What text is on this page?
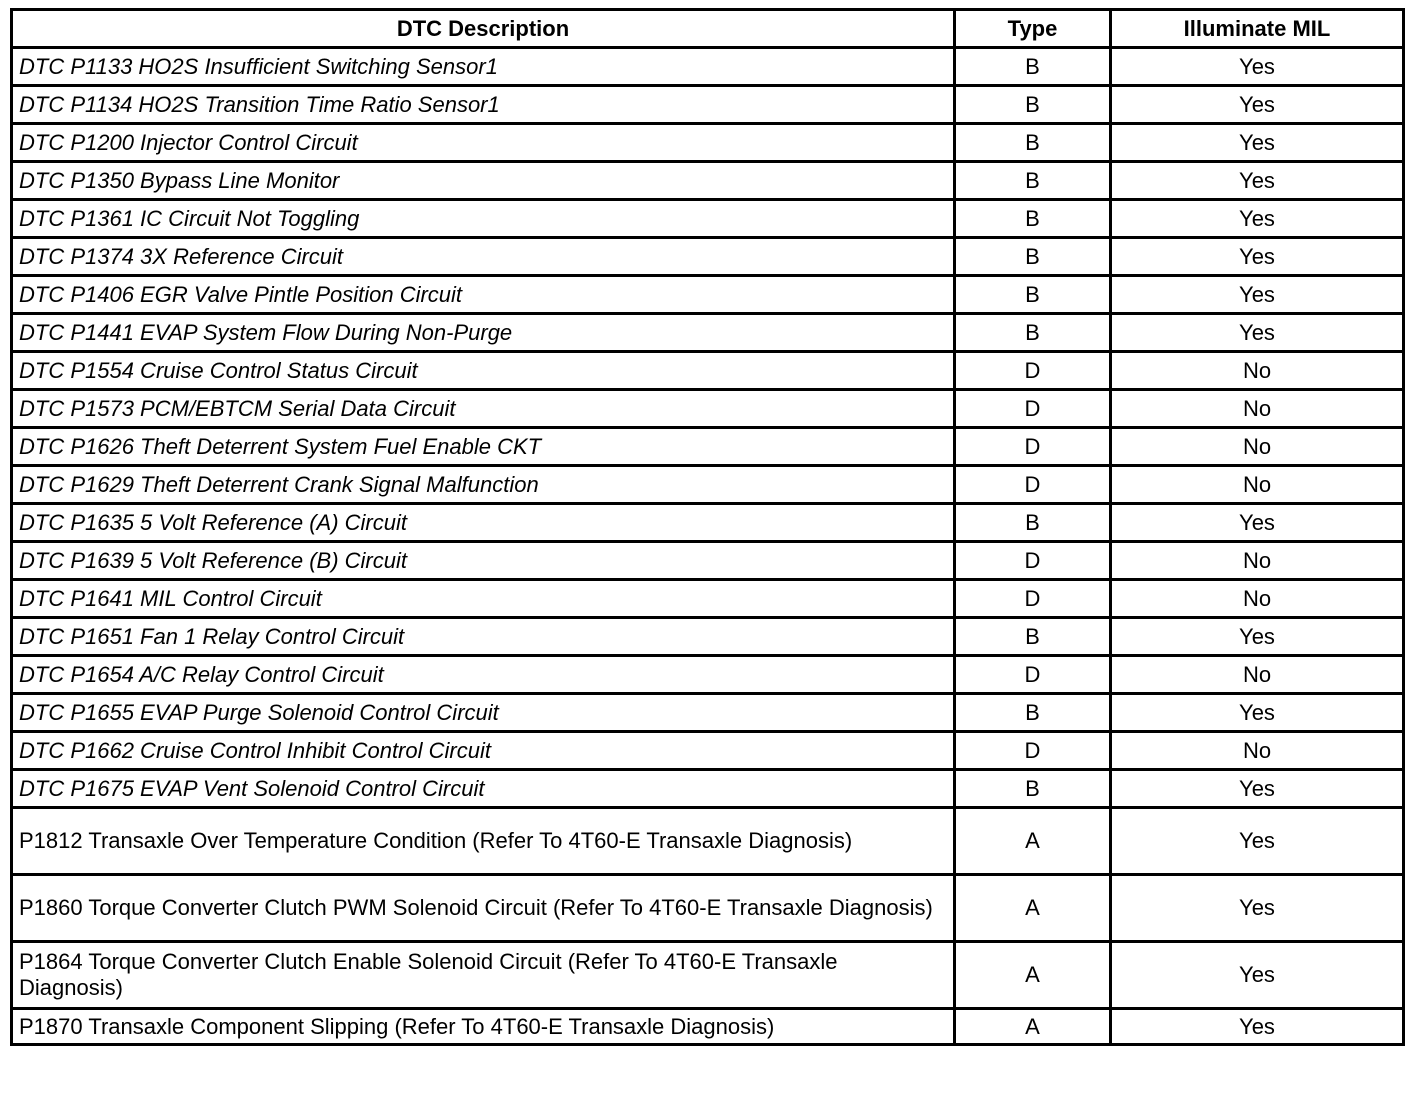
DTC Description	Type	Illuminate MIL
DTC P1133 HO2S Insufficient Switching Sensor1	B	Yes
DTC P1134 HO2S Transition Time Ratio Sensor1	B	Yes
DTC P1200 Injector Control Circuit	B	Yes
DTC P1350 Bypass Line Monitor	B	Yes
DTC P1361 IC Circuit Not Toggling	B	Yes
DTC P1374 3X Reference Circuit	B	Yes
DTC P1406 EGR Valve Pintle Position Circuit	B	Yes
DTC P1441 EVAP System Flow During Non-Purge	B	Yes
DTC P1554 Cruise Control Status Circuit	D	No
DTC P1573 PCM/EBTCM Serial Data Circuit	D	No
DTC P1626 Theft Deterrent System Fuel Enable CKT	D	No
DTC P1629 Theft Deterrent Crank Signal Malfunction	D	No
DTC P1635 5 Volt Reference (A) Circuit	B	Yes
DTC P1639 5 Volt Reference (B) Circuit	D	No
DTC P1641 MIL Control Circuit	D	No
DTC P1651 Fan 1 Relay Control Circuit	B	Yes
DTC P1654 A/C Relay Control Circuit	D	No
DTC P1655 EVAP Purge Solenoid Control Circuit	B	Yes
DTC P1662 Cruise Control Inhibit Control Circuit	D	No
DTC P1675 EVAP Vent Solenoid Control Circuit	B	Yes
P1812 Transaxle Over Temperature Condition (Refer To 4T60-E Transaxle Diagnosis)	A	Yes
P1860 Torque Converter Clutch PWM Solenoid Circuit (Refer To 4T60-E Transaxle Diagnosis)	A	Yes
P1864 Torque Converter Clutch Enable Solenoid Circuit (Refer To 4T60-E Transaxle Diagnosis)	A	Yes
P1870 Transaxle Component Slipping (Refer To 4T60-E Transaxle Diagnosis)	A	Yes
